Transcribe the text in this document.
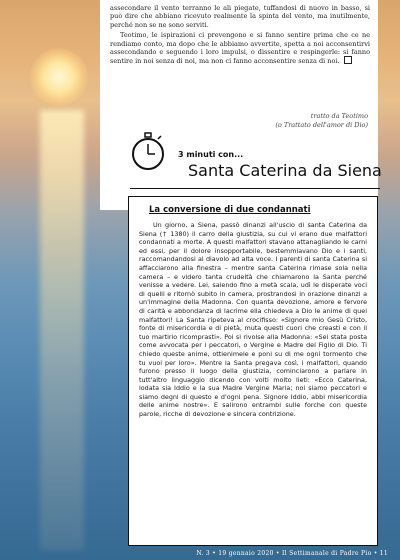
assecondare il vento terranno le ali piegate, tuffandosi di nuovo in basso, si può dire che abbiano ricevuto realmente la spinta del vento, ma inutilmente, perché non se ne sono serviti.

Teotimo, le ispirazioni ci prevengono e si fanno sentire prima che ce ne rendiamo conto, ma dopo che le abbiamo avvertite, spetta a noi acconsentirvi assecondando e seguendo i loro impulsi, o dissentire e respingerle: si fanno sentire in noi senza di noi, ma non ci fanno acconsentire senza di noi.

tratto da Teotimo
(o Trattato dell'amor di Dio)
3 minuti con...
Santa Caterina da Siena
La conversione di due condannati

Un giorno, a Siena, passò dinanzi all'uscio di santa Caterina da Siena († 1380) il carro della giustizia, su cui vi erano due malfattori condannati a morte. A questi malfattori stavano attanagliando le carni ed essi, per il dolore insopportabile, bestemmiavano Dio e i santi, raccomandandosi al diavolo ad alta voce. I parenti di santa Caterina si affacciarono alla finestra – mentre santa Caterina rimase sola nella camera – e videro tanta crudeltà che chiamarono la Santa perché venisse a vedere. Lei, salendo fino a metà scala, udì le disperate voci di quelli e ritornò subito in camera, prostrandosi in orazione dinanzi a un'immagine della Madonna. Con quanta devozione, amore e fervore di carità e abbondanza di lacrime ella chiedeva a Dio le anime di quei malfattori! La Santa ripeteva al crocifisso: «Signore mio Gesù Cristo, fonte di misericordia e di pietà, muta questi cuori che creasti e con il tuo martirio ricomprasti». Poi si rivolse alla Madonna: «Sei stata posta come avvocata per i peccatori, o Vergine e Madre del Figlio di Dio. Ti chiedo queste anime, ottienimele e poni su di me ogni tormento che tu vuoi per loro». Mentre la Santa pregava così, i malfattori, quando furono presso il luogo della giustizia, cominciarono a parlare in tutt'altro linguaggio dicendo con volti molto lieti: «Ecco Caterina, lodata sia Iddio e la sua Madre Vergine Maria; noi siamo peccatori e siamo degni di questo e d'ogni pena. Signore Iddio, abbi misericordia delle anime nostre». E salirono entrambi sulle forche con queste parole, ricche di devozione e sincera contrizione.

N. 3 • 19 gennaio 2020 • Il Settimanale di Padre Pio • 11
